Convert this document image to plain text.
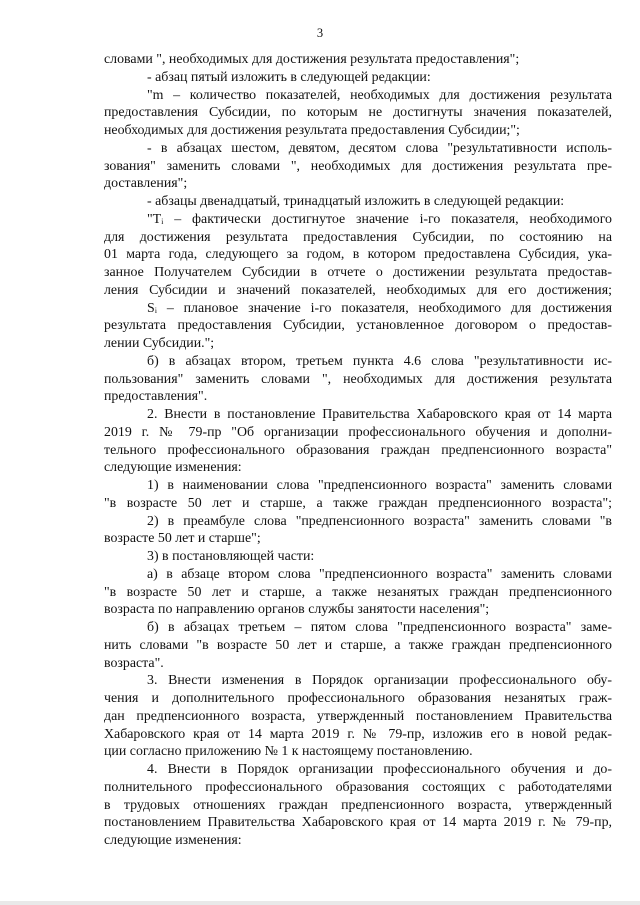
3
словами ", необходимых для достижения результата предоставления";
- абзац пятый изложить в следующей редакции:
"m – количество показателей, необходимых для достижения результата
предоставления Субсидии, по которым не достигнуты значения показателей,
необходимых для достижения результата предоставления Субсидии;";
- в абзацах шестом, девятом, десятом слова "результативности исполь-
зования" заменить словами ", необходимых для достижения результата пре-
доставления";
- абзацы двенадцатый, тринадцатый изложить в следующей редакции:
"Tᵢ – фактически достигнутое значение i-го показателя, необходимого
для достижения результата предоставления Субсидии, по состоянию на
01 марта года, следующего за годом, в котором предоставлена Субсидия, ука-
занное Получателем Субсидии в отчете о достижении результата предостав-
ления Субсидии и значений показателей, необходимых для его достижения;
Sᵢ – плановое значение i-го показателя, необходимого для достижения
результата предоставления Субсидии, установленное договором о предостав-
лении Субсидии.";
б) в абзацах втором, третьем пункта 4.6 слова "результативности ис-
пользования" заменить словами ", необходимых для достижения результата
предоставления".
2. Внести в постановление Правительства Хабаровского края от 14 марта
2019 г. № 79-пр "Об организации профессионального обучения и дополни-
тельного профессионального образования граждан предпенсионного возраста"
следующие изменения:
1) в наименовании слова "предпенсионного возраста" заменить словами
"в возрасте 50 лет и старше, а также граждан предпенсионного возраста";
2) в преамбуле слова "предпенсионного возраста" заменить словами "в
возрасте 50 лет и старше";
3) в постановляющей части:
а) в абзаце втором слова "предпенсионного возраста" заменить словами
"в возрасте 50 лет и старше, а также незанятых граждан предпенсионного
возраста по направлению органов службы занятости населения";
б) в абзацах третьем – пятом слова "предпенсионного возраста" заме-
нить словами "в возрасте 50 лет и старше, а также граждан предпенсионного
возраста".
3. Внести изменения в Порядок организации профессионального обу-
чения и дополнительного профессионального образования незанятых граж-
дан предпенсионного возраста, утвержденный постановлением Правительства
Хабаровского края от 14 марта 2019 г. № 79-пр, изложив его в новой редак-
ции согласно приложению № 1 к настоящему постановлению.
4. Внести в Порядок организации профессионального обучения и до-
полнительного профессионального образования состоящих с работодателями
в трудовых отношениях граждан предпенсионного возраста, утвержденный
постановлением Правительства Хабаровского края от 14 марта 2019 г. № 79-пр,
следующие изменения:
